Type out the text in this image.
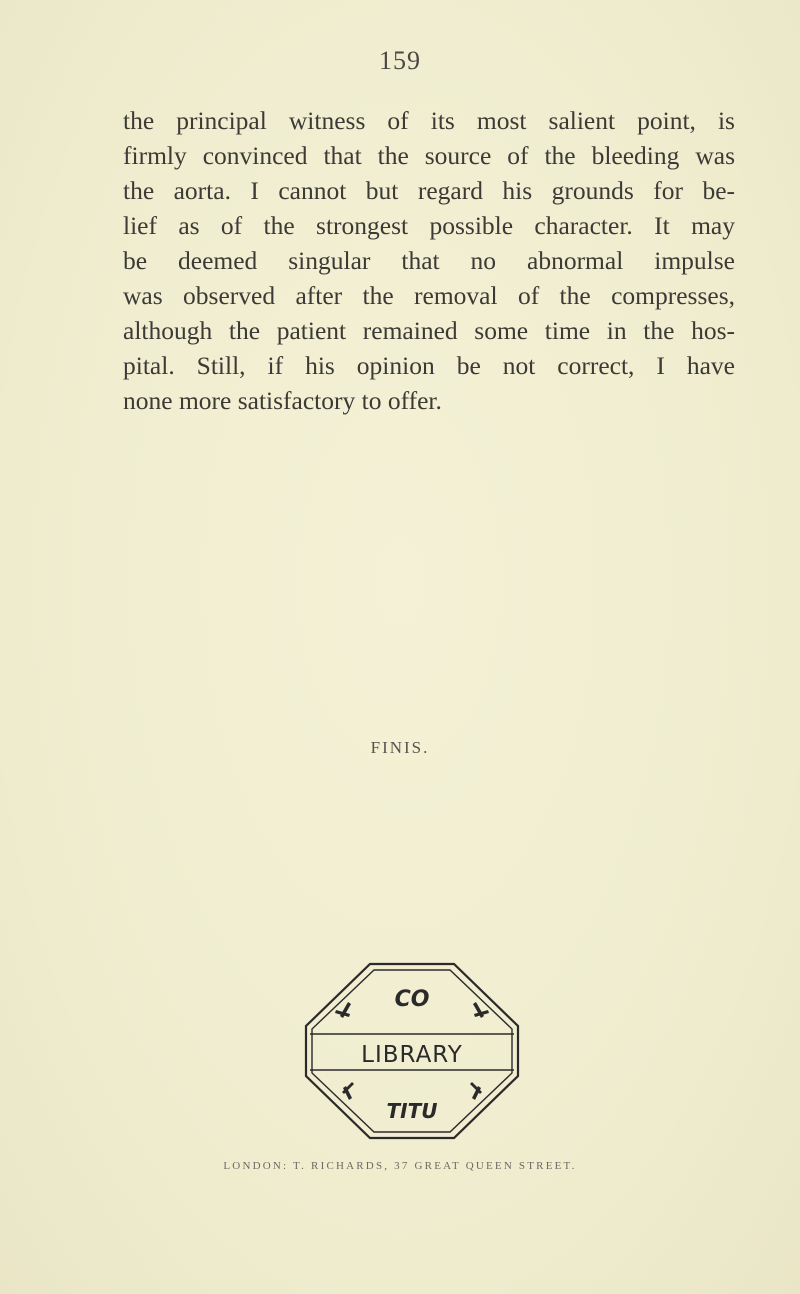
159
the principal witness of its most salient point, is
firmly convinced that the source of the bleeding was
the aorta. I cannot but regard his grounds for be-
lief as of the strongest possible character. It may
be deemed singular that no abnormal impulse
was observed after the removal of the compresses,
although the patient remained some time in the hos-
pital. Still, if his opinion be not correct, I have
none more satisfactory to offer.
FINIS.
LIBRARY
CO
TITU
LONDON: T. RICHARDS, 37 GREAT QUEEN STREET.
